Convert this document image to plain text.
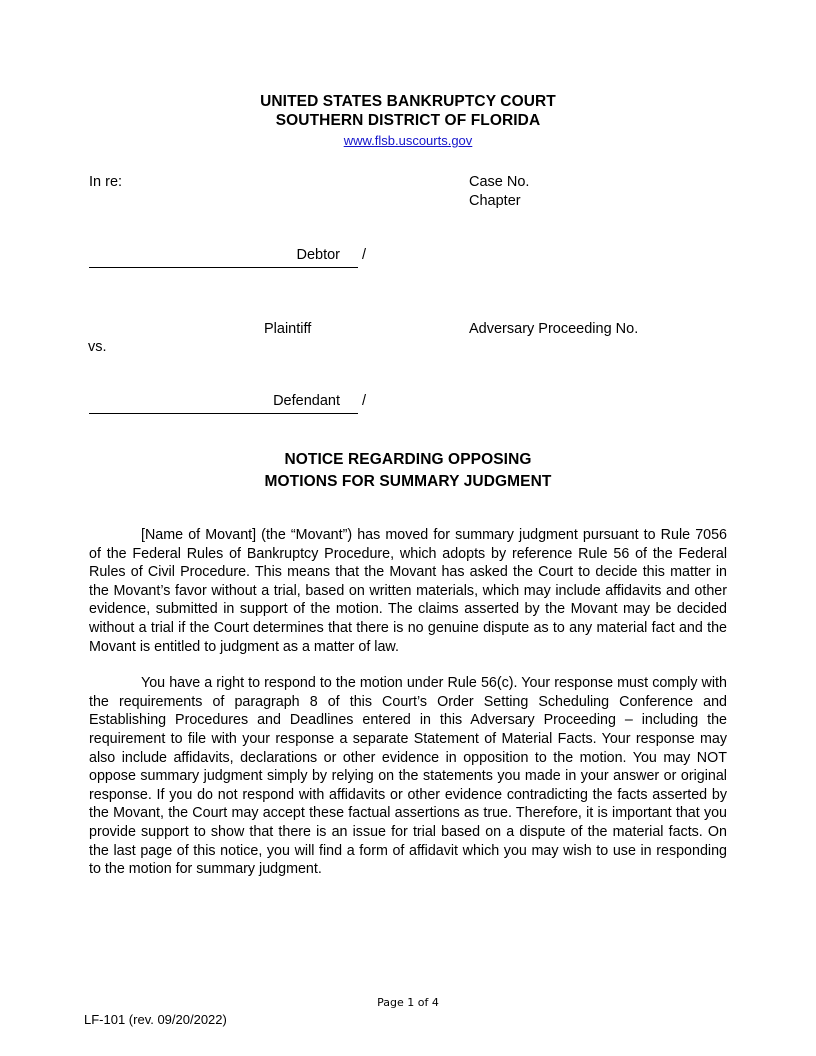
UNITED STATES BANKRUPTCY COURT
SOUTHERN DISTRICT OF FLORIDA
www.flsb.uscourts.gov
In re:	Case No.
Chapter
Debtor	/
Plaintiff	Adversary Proceeding No.
vs.
Defendant	/
NOTICE REGARDING OPPOSING
MOTIONS FOR SUMMARY JUDGMENT

[Name of Movant] (the “Movant”) has moved for summary judgment pursuant to Rule 7056 of the Federal Rules of Bankruptcy Procedure, which adopts by reference Rule 56 of the Federal Rules of Civil Procedure. This means that the Movant has asked the Court to decide this matter in the Movant’s favor without a trial, based on written materials, which may include affidavits and other evidence, submitted in support of the motion. The claims asserted by the Movant may be decided without a trial if the Court determines that there is no genuine dispute as to any material fact and the Movant is entitled to judgment as a matter of law.

You have a right to respond to the motion under Rule 56(c). Your response must comply with the requirements of paragraph 8 of this Court’s Order Setting Scheduling Conference and Establishing Procedures and Deadlines entered in this Adversary Proceeding – including the requirement to file with your response a separate Statement of Material Facts. Your response may also include affidavits, declarations or other evidence in opposition to the motion. You may NOT oppose summary judgment simply by relying on the statements you made in your answer or original response. If you do not respond with affidavits or other evidence contradicting the facts asserted by the Movant, the Court may accept these factual assertions as true. Therefore, it is important that you provide support to show that there is an issue for trial based on a dispute of the material facts. On the last page of this notice, you will find a form of affidavit which you may wish to use in responding to the motion for summary judgment.

Page 1 of 4
LF-101 (rev. 09/20/2022)
